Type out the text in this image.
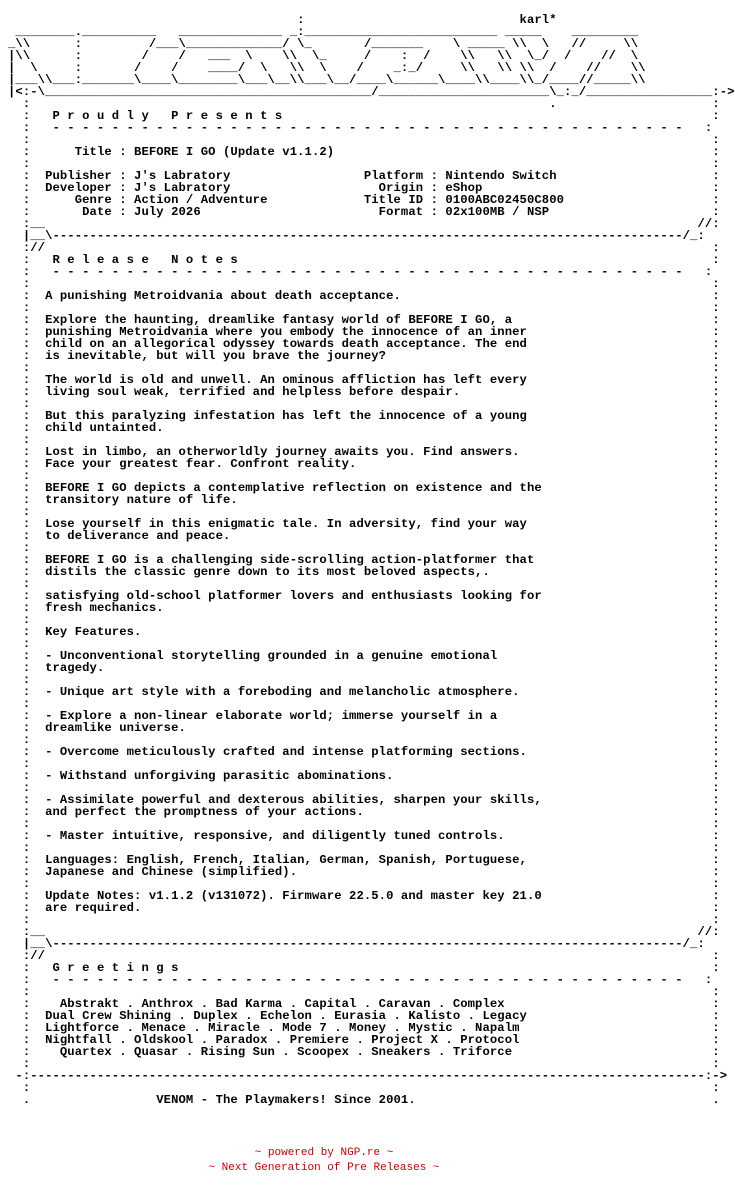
:                             karl*
________.__________   ______________ _:__________________________ _____    _________
_\\      :         /___\_____________/ \_       /_______    \ _____ \\  \   //     \\
|\\      :        /    /   ___  \    \\  \_     /    :  /    \\   \\  \_/  /    //  \
|  \     :       /    /    ____/  \   \\  \    /    _:_/     \\   \\ \\  /    //    \\
|___\\___:_______\____\________\___\__\\___\__/____\______\____\\____\\_/____//_____\\
|<:-\____________________________________________/_______________________\_:_/_________________:->
:                                                                      .                     :
:   P r o u d l y   P r e s e n t s                                                          :
:   - - - - - - - - - - - - - - - - - - - - - - - - - - - - - - - - - - - - - - - - - - -   :
:                                                                                            :
:      Title : BEFORE I GO (Update v1.1.2)                                                   :
:                                                                                            :
:  Publisher : J's Labratory                  Platform : Nintendo Switch                     :
:  Developer : J's Labratory                    Origin : eShop                               :
:      Genre : Action / Adventure             Title ID : 0100ABC02450C800                    :
:       Date : July 2026                        Format : 02x100MB / NSP                      :
:__                                                                                        //:
|__\-------------------------------------------------------------------------------------/_:
://                                                                                          :
:   R e l e a s e   N o t e s                                                                :
:   - - - - - - - - - - - - - - - - - - - - - - - - - - - - - - - - - - - - - - - - - - -   :
:                                                                                            :
:  A punishing Metroidvania about death acceptance.                                          :
:                                                                                            :
:  Explore the haunting, dreamlike fantasy world of BEFORE I GO, a                           :
:  punishing Metroidvania where you embody the innocence of an inner                         :
:  child on an allegorical odyssey towards death acceptance. The end                         :
:  is inevitable, but will you brave the journey?                                            :
:                                                                                            :
:  The world is old and unwell. An ominous affliction has left every                         :
:  living soul weak, terrified and helpless before despair.                                  :
:                                                                                            :
:  But this paralyzing infestation has left the innocence of a young                         :
:  child untainted.                                                                          :
:                                                                                            :
:  Lost in limbo, an otherworldly journey awaits you. Find answers.                          :
:  Face your greatest fear. Confront reality.                                                :
:                                                                                            :
:  BEFORE I GO depicts a contemplative reflection on existence and the                       :
:  transitory nature of life.                                                                :
:                                                                                            :
:  Lose yourself in this enigmatic tale. In adversity, find your way                         :
:  to deliverance and peace.                                                                 :
:                                                                                            :
:  BEFORE I GO is a challenging side-scrolling action-platformer that                        :
:  distils the classic genre down to its most beloved aspects,.                              :
:                                                                                            :
:  satisfying old-school platformer lovers and enthusiasts looking for                       :
:  fresh mechanics.                                                                          :
:                                                                                            :
:  Key Features.                                                                             :
:                                                                                            :
:  - Unconventional storytelling grounded in a genuine emotional                             :
:  tragedy.                                                                                  :
:                                                                                            :
:  - Unique art style with a foreboding and melancholic atmosphere.                          :
:                                                                                            :
:  - Explore a non-linear elaborate world; immerse yourself in a                             :
:  dreamlike universe.                                                                       :
:                                                                                            :
:  - Overcome meticulously crafted and intense platforming sections.                         :
:                                                                                            :
:  - Withstand unforgiving parasitic abominations.                                           :
:                                                                                            :
:  - Assimilate powerful and dexterous abilities, sharpen your skills,                       :
:  and perfect the promptness of your actions.                                               :
:                                                                                            :
:  - Master intuitive, responsive, and diligently tuned controls.                            :
:                                                                                            :
:  Languages: English, French, Italian, German, Spanish, Portuguese,                         :
:  Japanese and Chinese (simplified).                                                        :
:                                                                                            :
:  Update Notes: v1.1.2 (v131072). Firmware 22.5.0 and master key 21.0                       :
:  are required.                                                                             :
:                                                                                            :
:__                                                                                        //:
|__\-------------------------------------------------------------------------------------/_:
://                                                                                          :
:   G r e e t i n g s                                                                        :
:   - - - - - - - - - - - - - - - - - - - - - - - - - - - - - - - - - - - - - - - - - - -   :
:                                                                                            :
:    Abstrakt . Anthrox . Bad Karma . Capital . Caravan . Complex                            :
:  Dual Crew Shining . Duplex . Echelon . Eurasia . Kalisto . Legacy                         :
:  Lightforce . Menace . Miracle . Mode 7 . Money . Mystic . Napalm                          :
:  Nightfall . Oldskool . Paradox . Premiere . Project X . Protocol                          :
:    Quartex . Quasar . Rising Sun . Scoopex . Sneakers . Triforce                           :
:                                                                                            :
-:-------------------------------------------------------------------------------------------:->
:                                                                                            :
.                 VENOM - The Playmakers! Since 2001.                                        .
~ powered by NGP.re ~
~ Next Generation of Pre Releases ~
